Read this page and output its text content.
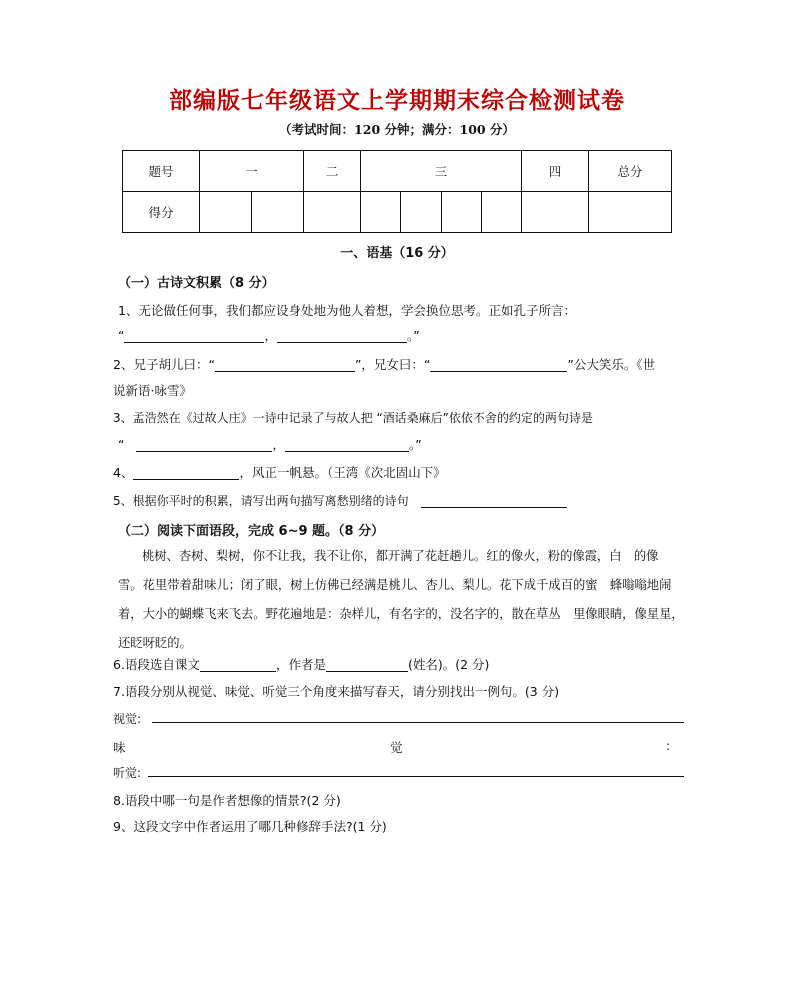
部编版七年级语文上学期期末综合检测试卷
（考试时间：120 分钟；满分：100 分）
题号	一		二	三				四	总分
得分									
一、语基（16 分）
（一）古诗文积累（8 分）
1、无论做任何事，我们都应设身处地为他人着想，学会换位思考。正如孔子所言：
“	，	。”
2、兄子胡儿曰：“	”，兄女曰：“	”公大笑乐。《世
说新语·咏雪》
3、孟浩然在《过故人庄》一诗中记录了与故人把 “酒话桑麻后”依依不舍的约定的两句诗是
“	，	。”
4、	，风正一帆悬。（王湾《次北固山下》
5、根据你平时的积累，请写出两句描写离愁别绪的诗句
（二）阅读下面语段，完成 6~9 题。（8 分）
桃树、杏树、梨树，你不让我，我不让你，都开满了花赶趟儿。红的像火，粉的像霞，白　的像
雪。花里带着甜味儿；闭了眼，树上仿佛已经满是桃儿、杏儿、梨儿。花下成千成百的蜜　蜂嗡嗡地闹
着，大小的蝴蝶飞来飞去。野花遍地是：杂样儿，有名字的，没名字的，散在草丛　里像眼睛，像星星，
还眨呀眨的。
6.语段选自课文	，作者是	(姓名)。(2 分)
7.语段分别从视觉、味觉、听觉三个角度来描写春天，请分别找出一例句。(3 分)
视觉:
味	觉	:
听觉:
8.语段中哪一句是作者想像的情景?(2 分)
9、这段文字中作者运用了哪几种修辞手法?(1 分)
